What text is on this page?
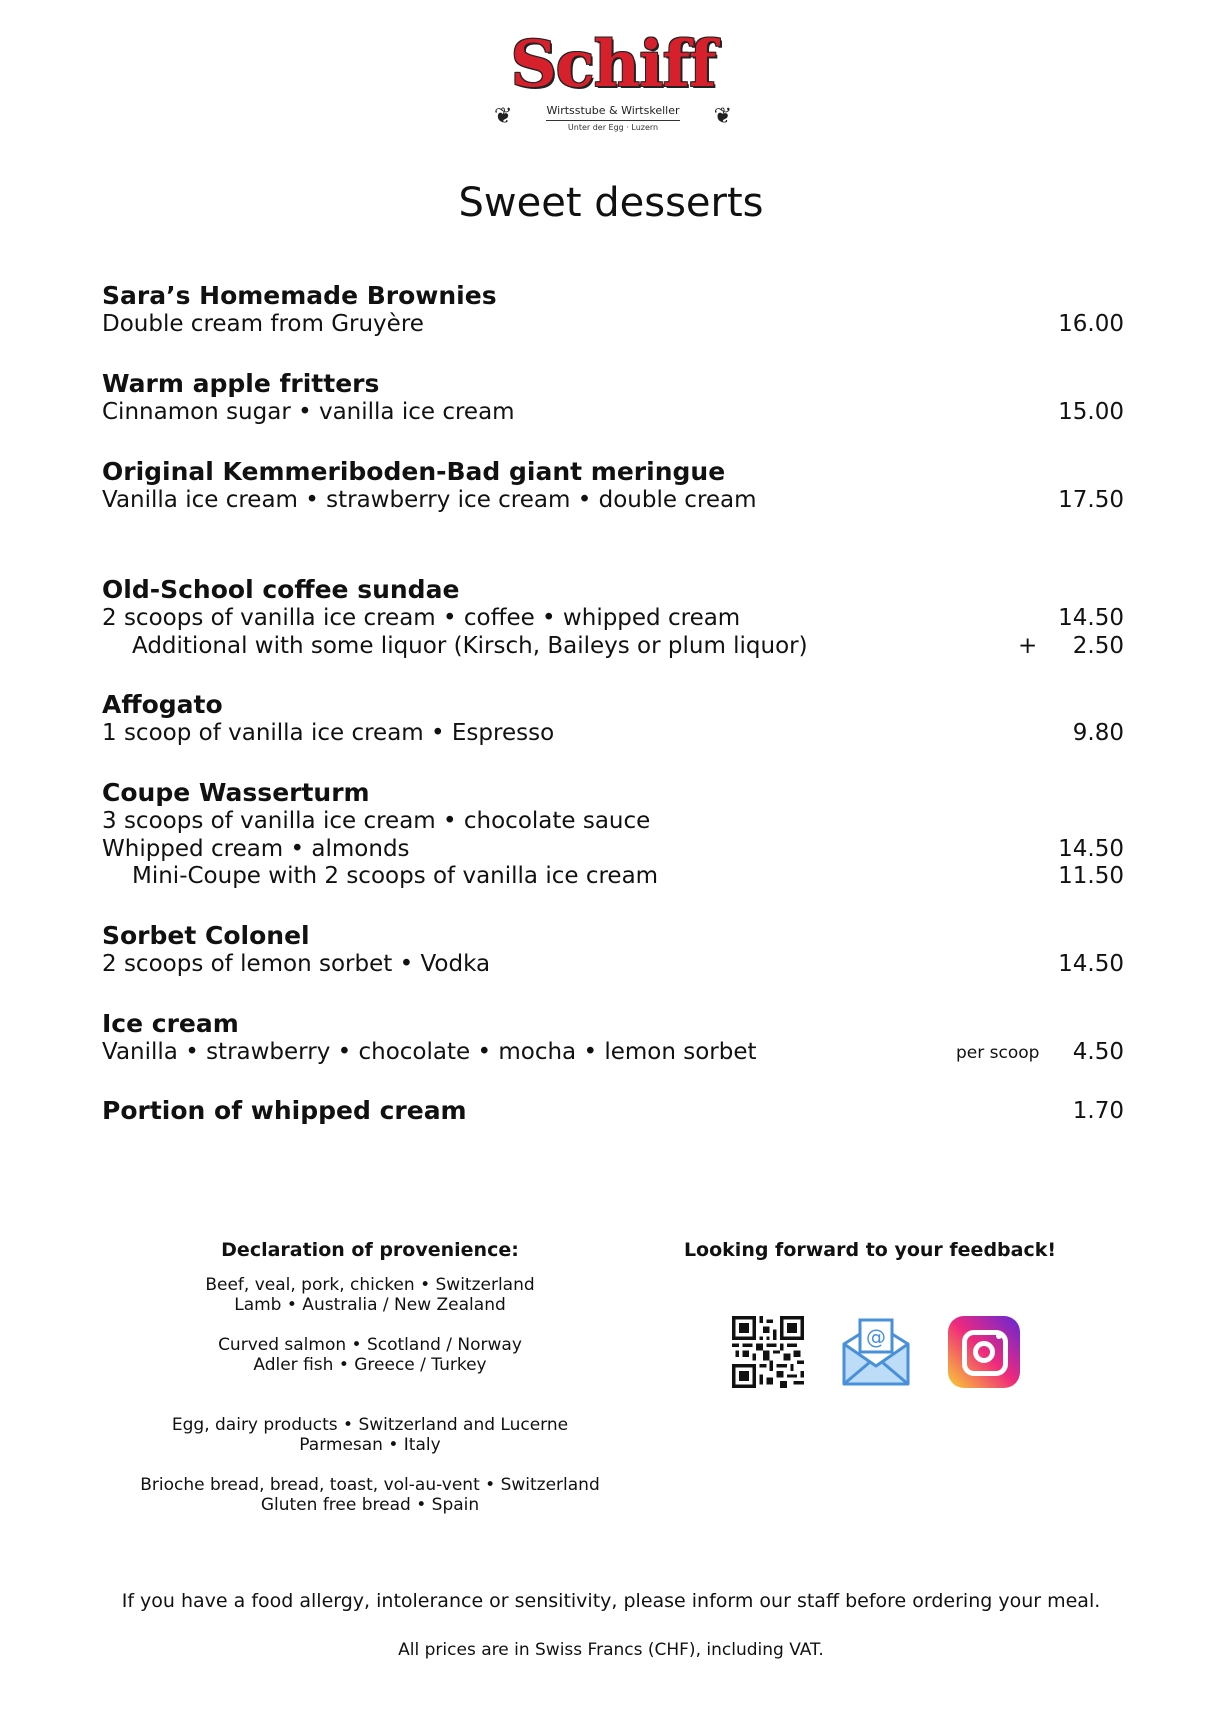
Schiff
❦	❦
Wirtsstube & Wirtskeller
Unter der Egg · Luzern
Sweet desserts
Sara’s Homemade Brownies
Double cream from Gruyère	16.00
Warm apple fritters
Cinnamon sugar • vanilla ice cream	15.00
Original Kemmeriboden-Bad giant meringue
Vanilla ice cream • strawberry ice cream • double cream	17.50
Old-School coffee sundae
2 scoops of vanilla ice cream • coffee • whipped cream	14.50
Additional with some liquor (Kirsch, Baileys or plum liquor)	+ 2.50
Affogato
1 scoop of vanilla ice cream • Espresso	9.80
Coupe Wasserturm
3 scoops of vanilla ice cream • chocolate sauce
Whipped cream • almonds	14.50
Mini-Coupe with 2 scoops of vanilla ice cream	11.50
Sorbet Colonel
2 scoops of lemon sorbet • Vodka	14.50
Ice cream
Vanilla • strawberry • chocolate • mocha • lemon sorbet	per scoop 4.50
Portion of whipped cream	1.70
Declaration of provenience:
Beef, veal, pork, chicken • Switzerland
Lamb • Australia / New Zealand
Curved salmon • Scotland / Norway
Adler fish • Greece / Turkey
Egg, dairy products • Switzerland and Lucerne
Parmesan • Italy
Brioche bread, bread, toast, vol-au-vent • Switzerland
Gluten free bread • Spain
Looking forward to your feedback!
@
If you have a food allergy, intolerance or sensitivity, please inform our staff before ordering your meal.
All prices are in Swiss Francs (CHF), including VAT.
